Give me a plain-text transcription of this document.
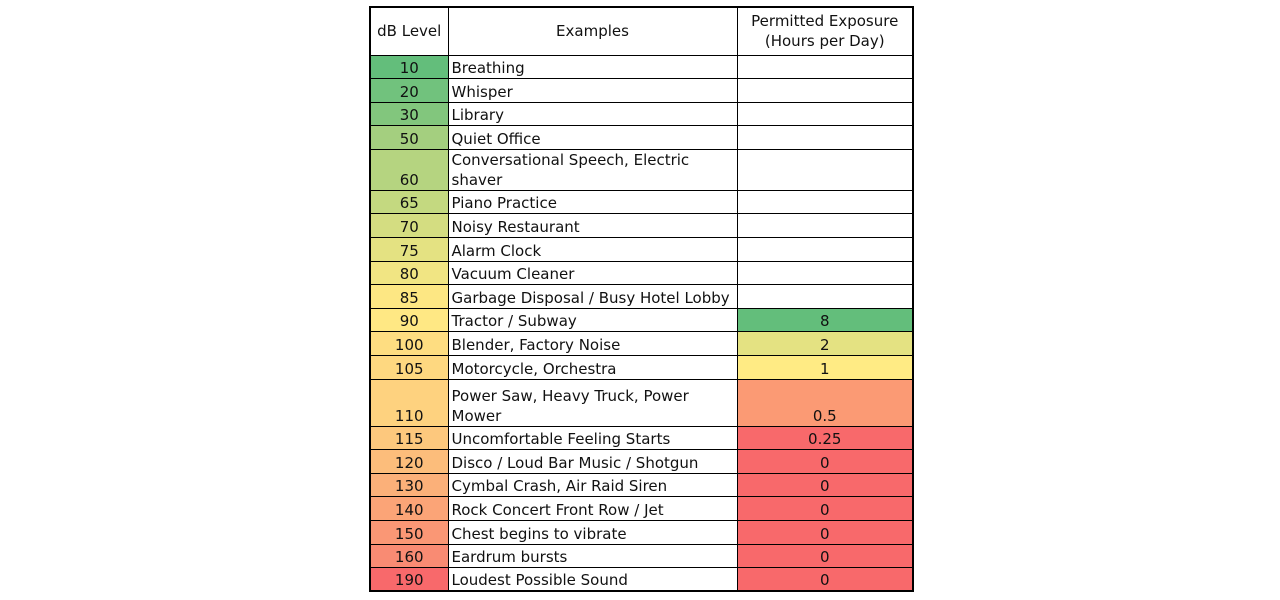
dB Level	Examples	Permitted Exposure
(Hours per Day)

10	Breathing	
20	Whisper	
30	Library	
50	Quiet Office	
60	Conversational Speech, Electric shaver	
65	Piano Practice	
70	Noisy Restaurant	
75	Alarm Clock	
80	Vacuum Cleaner	
85	Garbage Disposal / Busy Hotel Lobby	
90	Tractor / Subway	8
100	Blender, Factory Noise	2
105	Motorcycle, Orchestra	1
110	Power Saw, Heavy Truck, Power Mower	0.5
115	Uncomfortable Feeling Starts	0.25
120	Disco / Loud Bar Music / Shotgun	0
130	Cymbal Crash, Air Raid Siren	0
140	Rock Concert Front Row / Jet	0
150	Chest begins to vibrate	0
160	Eardrum bursts	0
190	Loudest Possible Sound	0
